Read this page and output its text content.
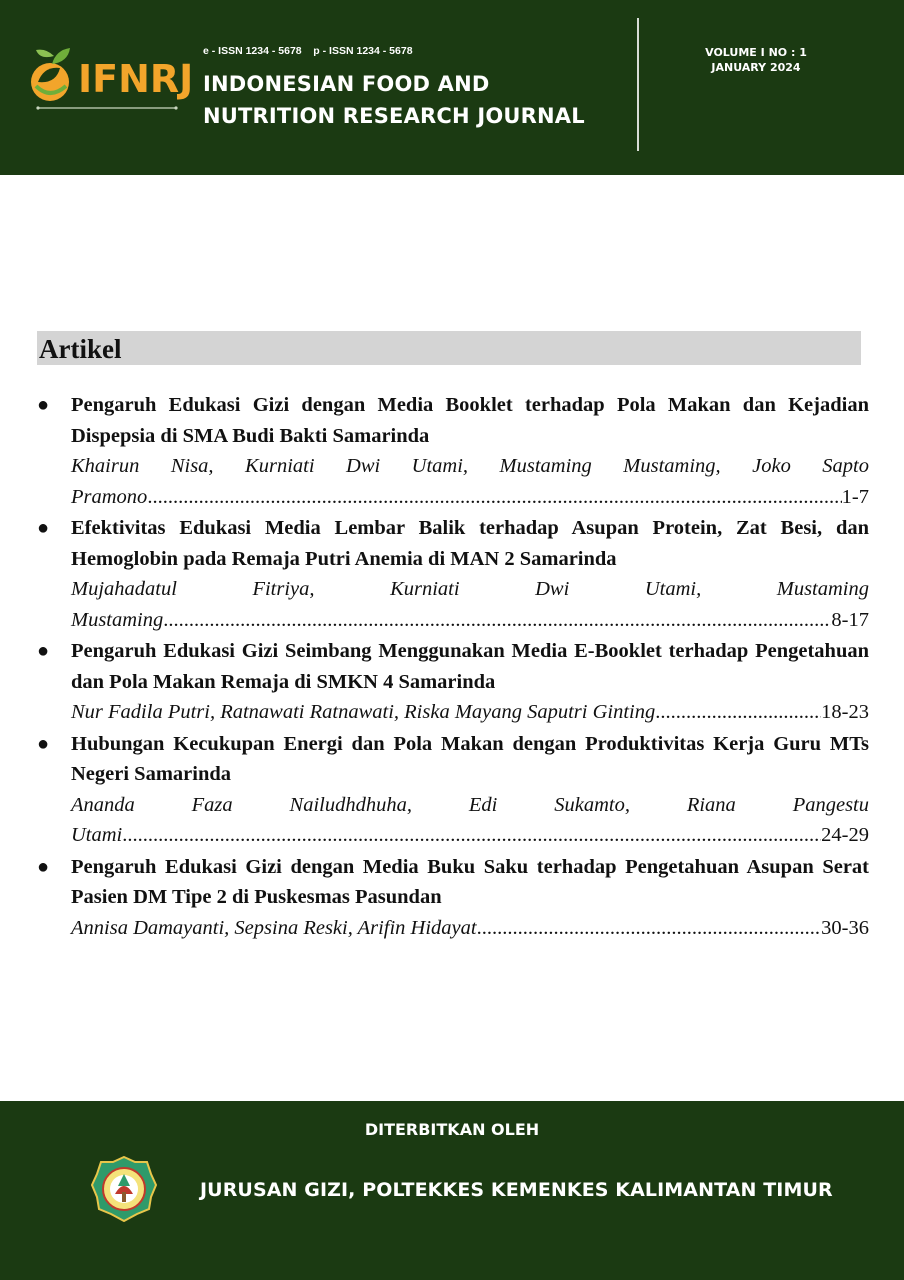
IFNRJ
e - ISSN 1234 - 5678    p - ISSN 1234 - 5678
INDONESIAN FOOD AND
NUTRITION RESEARCH JOURNAL
VOLUME I NO : 1
JANUARY 2024
Artikel
● Pengaruh Edukasi Gizi dengan Media Booklet terhadap Pola Makan dan Kejadian Dispepsia di SMA Budi Bakti Samarinda
Khairun Nisa, Kurniati Dwi Utami, Mustaming Mustaming, Joko Sapto
Pramono .....	1-7
● Efektivitas Edukasi Media Lembar Balik terhadap Asupan Protein, Zat Besi, dan Hemoglobin pada Remaja Putri Anemia di MAN 2 Samarinda
Mujahadatul Fitriya, Kurniati Dwi Utami, Mustaming
Mustaming .....	8-17
● Pengaruh Edukasi Gizi Seimbang Menggunakan Media E-Booklet terhadap Pengetahuan dan Pola Makan Remaja di SMKN 4 Samarinda
Nur Fadila Putri, Ratnawati Ratnawati, Riska Mayang Saputri Ginting .....	18-23
● Hubungan Kecukupan Energi dan Pola Makan dengan Produktivitas Kerja Guru MTs Negeri Samarinda
Ananda Faza Nailudhdhuha, Edi Sukamto, Riana Pangestu
Utami .....	24-29
● Pengaruh Edukasi Gizi dengan Media Buku Saku terhadap Pengetahuan Asupan Serat Pasien DM Tipe 2 di Puskesmas Pasundan
Annisa Damayanti, Sepsina Reski, Arifin Hidayat .....	30-36
DITERBITKAN OLEH
JURUSAN GIZI, POLTEKKES KEMENKES KALIMANTAN TIMUR
